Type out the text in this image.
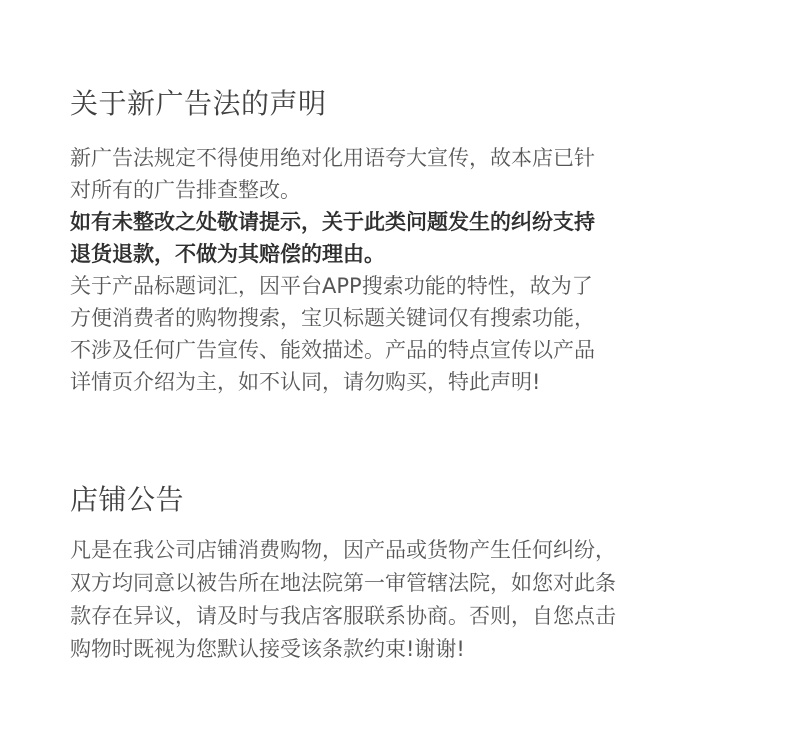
关于新广告法的声明
新广告法规定不得使用绝对化用语夸大宣传，故本店已针
对所有的广告排查整改。
如有未整改之处敬请提示，关于此类问题发生的纠纷支持
退货退款，不做为其赔偿的理由。
关于产品标题词汇，因平台APP搜索功能的特性，故为了
方便消费者的购物搜索，宝贝标题关键词仅有搜索功能，
不涉及任何广告宣传、能效描述。产品的特点宣传以产品
详情页介绍为主，如不认同，请勿购买，特此声明!
店铺公告
凡是在我公司店铺消费购物，因产品或货物产生任何纠纷，
双方均同意以被告所在地法院第一审管辖法院，如您对此条
款存在异议，请及时与我店客服联系协商。否则，自您点击
购物时既视为您默认接受该条款约束!谢谢!
